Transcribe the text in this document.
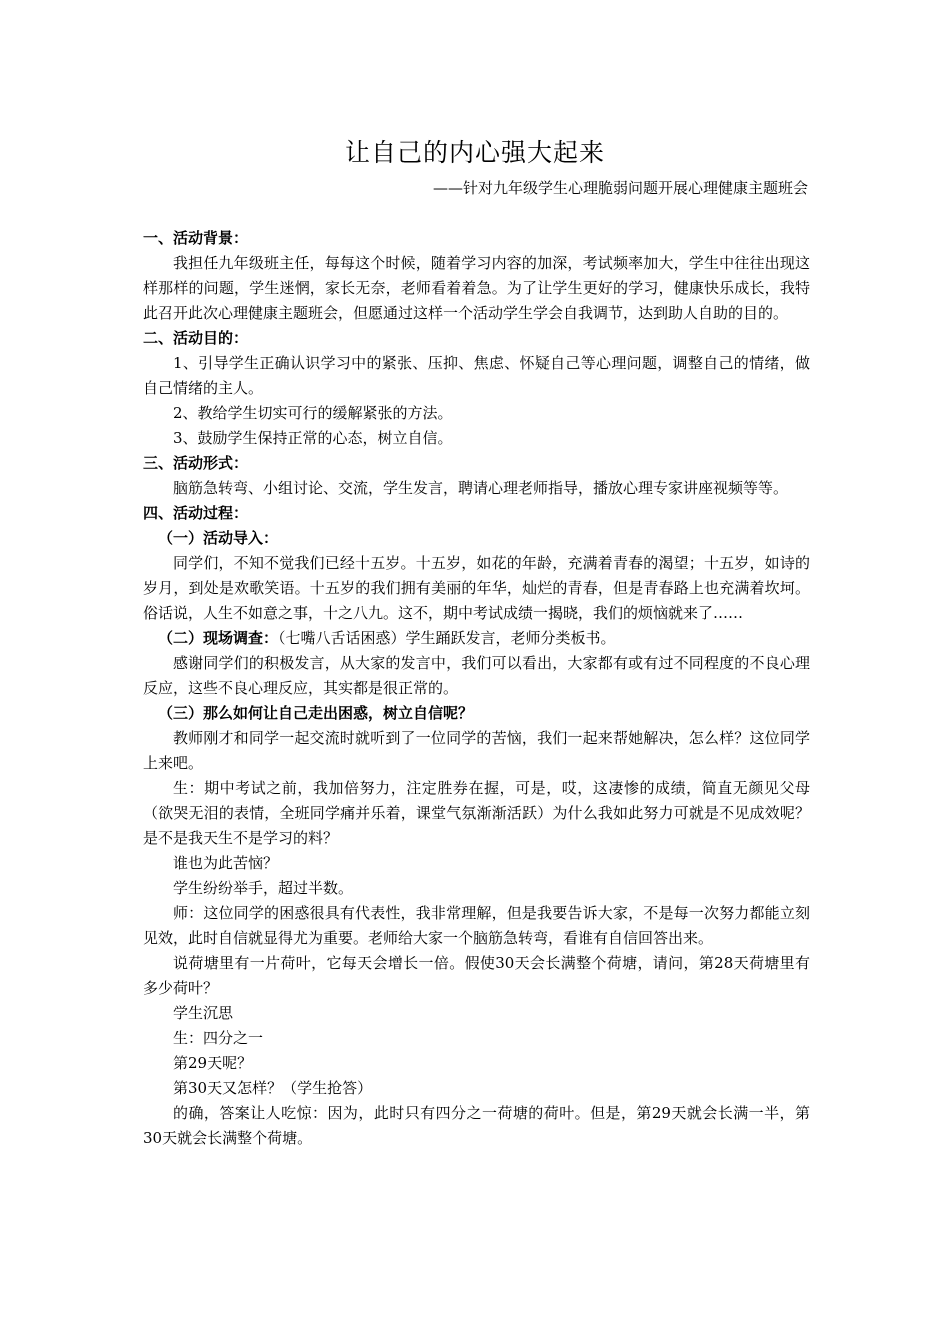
让自己的内心强大起来
——针对九年级学生心理脆弱问题开展心理健康主题班会
一、活动背景：

我担任九年级班主任，每每这个时候，随着学习内容的加深，考试频率加大，学生中往往出现这样那样的问题，学生迷惘，家长无奈，老师看着着急。为了让学生更好的学习，健康快乐成长，我特此召开此次心理健康主题班会，但愿通过这样一个活动学生学会自我调节，达到助人自助的目的。

二、活动目的：

1、引导学生正确认识学习中的紧张、压抑、焦虑、怀疑自己等心理问题，调整自己的情绪，做自己情绪的主人。

2、教给学生切实可行的缓解紧张的方法。

3、鼓励学生保持正常的心态，树立自信。

三、活动形式：

脑筋急转弯、小组讨论、交流，学生发言，聘请心理老师指导，播放心理专家讲座视频等等。

四、活动过程：
（一）活动导入：

同学们，不知不觉我们已经十五岁。十五岁，如花的年龄，充满着青春的渴望；十五岁，如诗的岁月，到处是欢歌笑语。十五岁的我们拥有美丽的年华，灿烂的青春，但是青春路上也充满着坎坷。俗话说，人生不如意之事，十之八九。这不，期中考试成绩一揭晓，我们的烦恼就来了……

（二）现场调查：（七嘴八舌话困惑）学生踊跃发言，老师分类板书。

感谢同学们的积极发言，从大家的发言中，我们可以看出，大家都有或有过不同程度的不良心理反应，这些不良心理反应，其实都是很正常的。

（三）那么如何让自己走出困惑，树立自信呢？

教师刚才和同学一起交流时就听到了一位同学的苦恼，我们一起来帮她解决，怎么样？这位同学上来吧。

生：期中考试之前，我加倍努力，注定胜券在握，可是，哎，这凄惨的成绩，简直无颜见父母（欲哭无泪的表情，全班同学痛并乐着，课堂气氛渐渐活跃）为什么我如此努力可就是不见成效呢？是不是我天生不是学习的料？

谁也为此苦恼？

学生纷纷举手，超过半数。

师：这位同学的困惑很具有代表性，我非常理解，但是我要告诉大家，不是每一次努力都能立刻见效，此时自信就显得尤为重要。老师给大家一个脑筋急转弯，看谁有自信回答出来。

说荷塘里有一片荷叶，它每天会增长一倍。假使30天会长满整个荷塘，请问，第28天荷塘里有多少荷叶？

学生沉思

生：四分之一

第29天呢？

第30天又怎样？（学生抢答）

的确，答案让人吃惊：因为，此时只有四分之一荷塘的荷叶。但是，第29天就会长满一半，第30天就会长满整个荷塘。
